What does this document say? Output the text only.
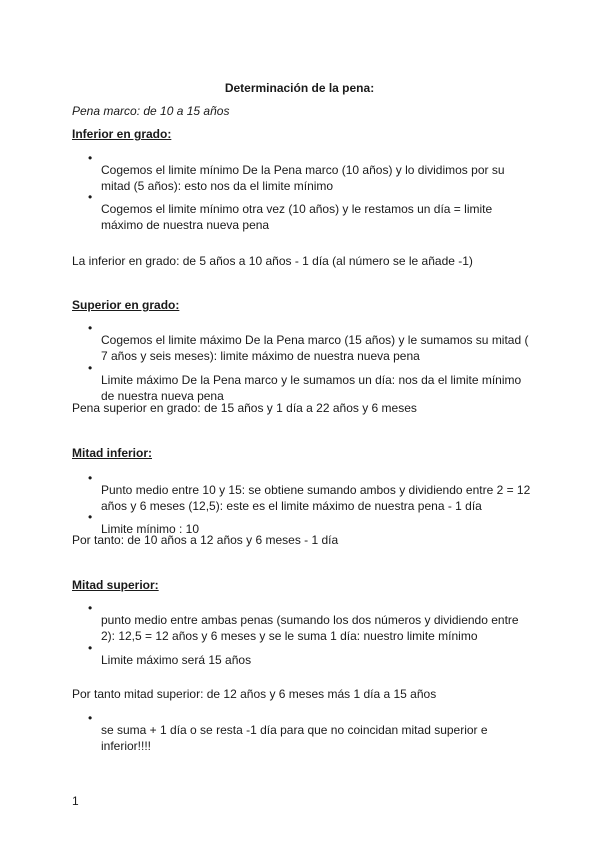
Determinación de la pena:

Pena marco: de 10 a 15 años

Inferior en grado:

•

Cogemos el limite mínimo De la Pena marco (10 años) y lo dividimos por su mitad (5 años): esto nos da el limite mínimo

•

Cogemos el limite mínimo otra vez (10 años) y le restamos un día = limite máximo de nuestra nueva pena

La inferior en grado: de 5 años a 10 años - 1 día (al número se le añade -1)

Superior en grado:

•

Cogemos el limite máximo De la Pena marco (15 años) y le sumamos su mitad ( 7 años y seis meses): limite máximo de nuestra nueva pena

•

Limite máximo De la Pena marco y le sumamos un día: nos da el limite mínimo de nuestra nueva pena

Pena superior en grado: de 15 años y 1 día a 22 años y 6 meses

Mitad inferior:

•

Punto medio entre 10 y 15: se obtiene sumando ambos y dividiendo entre 2 = 12 años y 6 meses (12,5): este es el limite máximo de nuestra pena - 1 día

•

Limite mínimo : 10

Por tanto: de 10 años a 12 años y 6 meses - 1 día

Mitad superior:

•

punto medio entre ambas penas (sumando los dos números y dividiendo entre 2): 12,5 = 12 años y 6 meses y se le suma 1 día: nuestro limite mínimo

•

Limite máximo será 15 años

Por tanto mitad superior: de 12 años y 6 meses más 1 día a 15 años

•

se suma + 1 día o se resta -1 día para que no coincidan mitad superior e inferior!!!!

1
